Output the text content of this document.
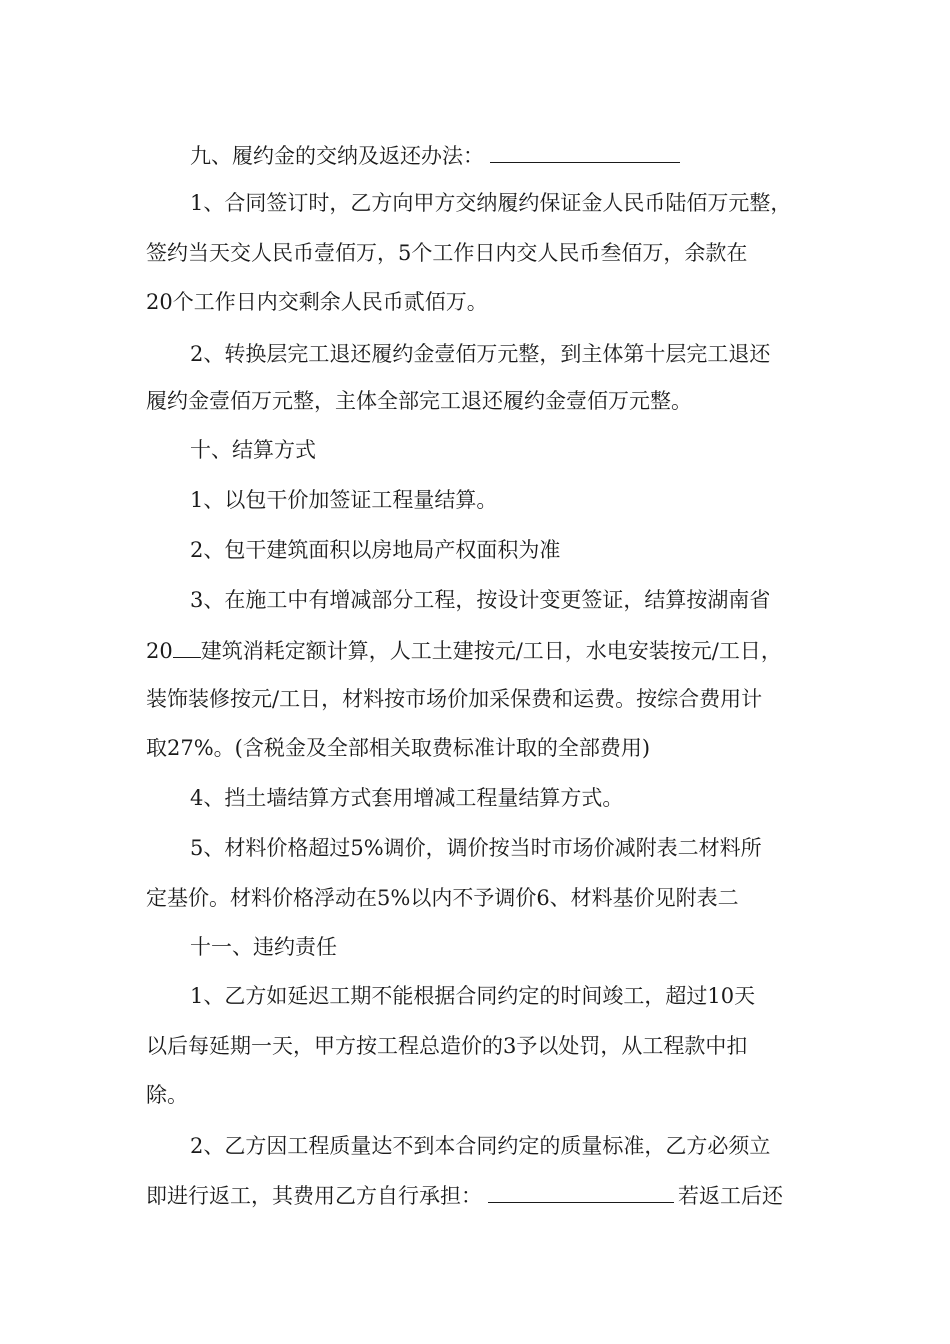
九、履约金的交纳及返还办法：
1、合同签订时，乙方向甲方交纳履约保证金人民币陆佰万元整，
签约当天交人民币壹佰万，5个工作日内交人民币叁佰万，余款在
20个工作日内交剩余人民币贰佰万。
2、转换层完工退还履约金壹佰万元整，到主体第十层完工退还
履约金壹佰万元整，主体全部完工退还履约金壹佰万元整。
十、结算方式
1、以包干价加签证工程量结算。
2、包干建筑面积以房地局产权面积为准
3、在施工中有增减部分工程，按设计变更签证，结算按湖南省
20 建筑消耗定额计算，人工土建按元/工日，水电安装按元/工日，
装饰装修按元/工日，材料按市场价加采保费和运费。按综合费用计
取27%。(含税金及全部相关取费标准计取的全部费用)
4、挡土墙结算方式套用增减工程量结算方式。
5、材料价格超过5%调价，调价按当时市场价减附表二材料所
定基价。材料价格浮动在5%以内不予调价6、材料基价见附表二
十一、违约责任
1、乙方如延迟工期不能根据合同约定的时间竣工，超过10天
以后每延期一天，甲方按工程总造价的3予以处罚，从工程款中扣
除。
2、乙方因工程质量达不到本合同约定的质量标准，乙方必须立
即进行返工，其费用乙方自行承担：	若返工后还
